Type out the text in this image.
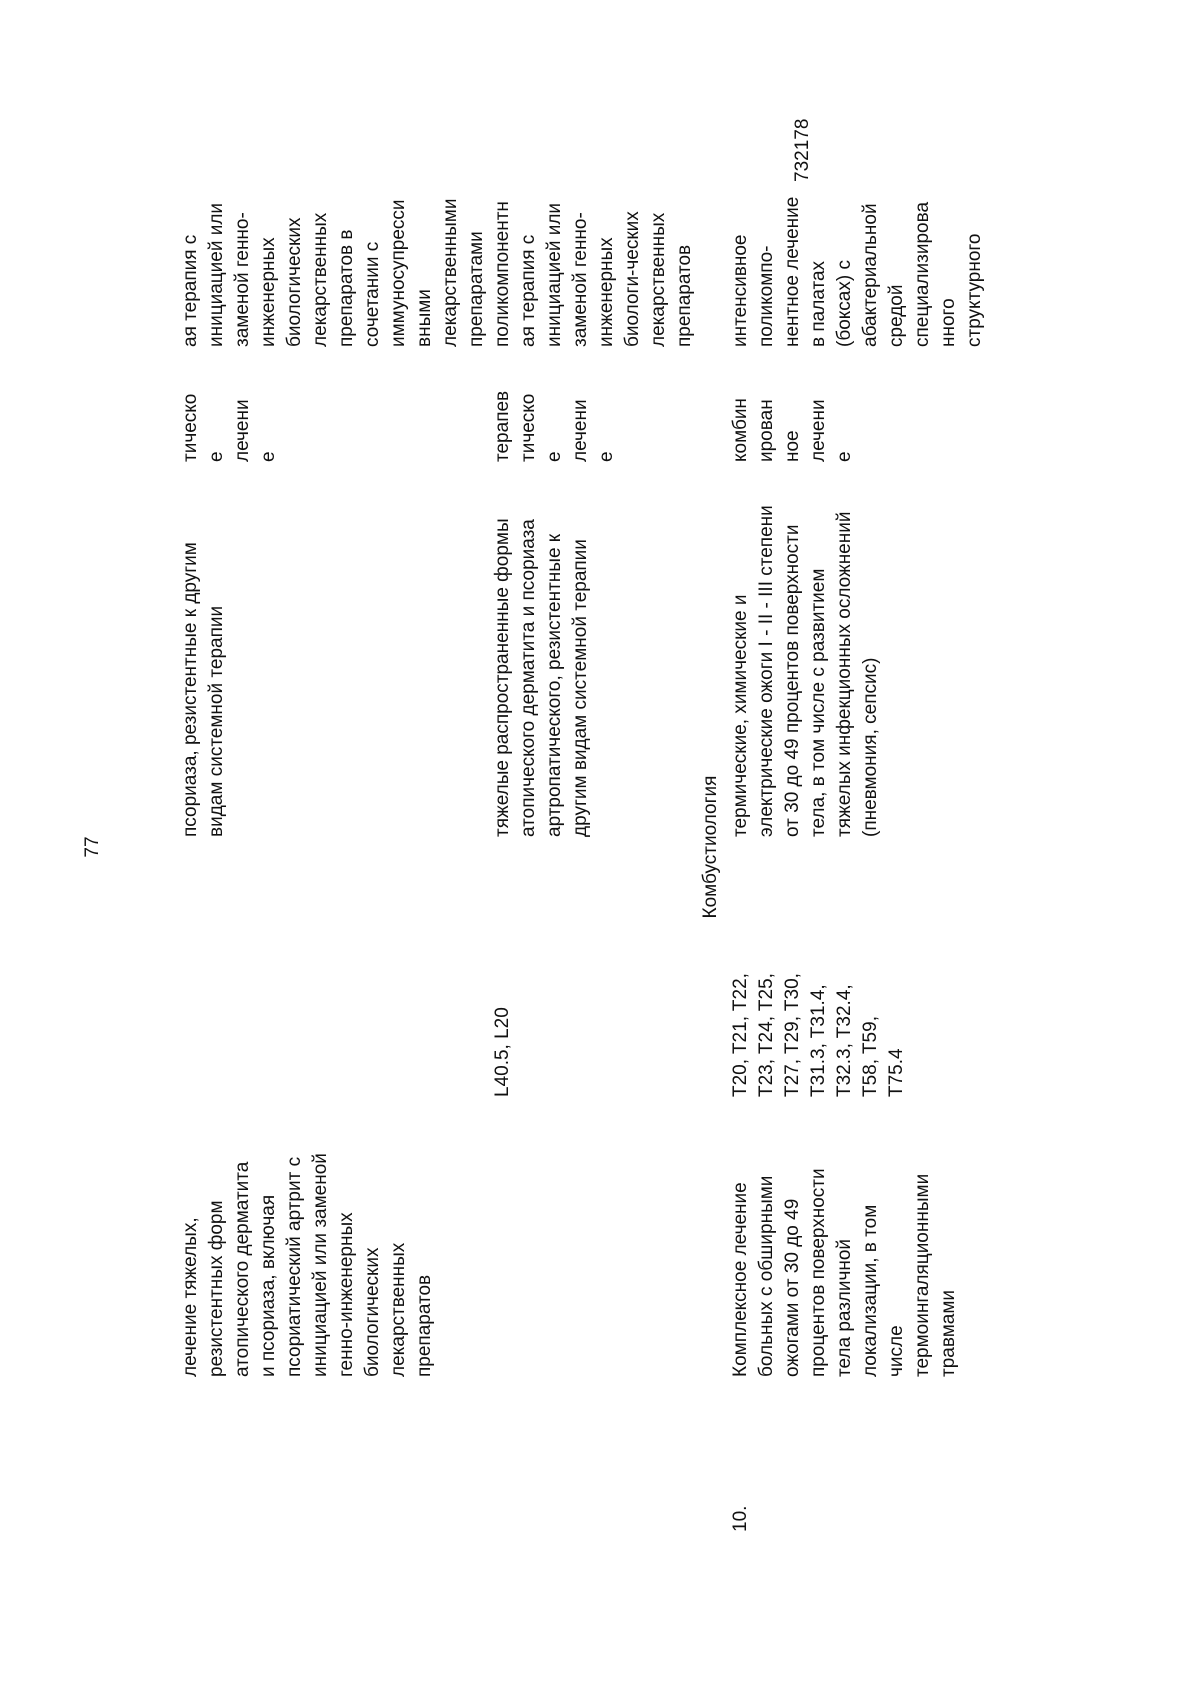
77
732178
лечение тяжелых,
резистентных форм
атопического дерматита
и псориаза, включая
псориатический артрит с
инициацией или заменой
генно-инженерных
биологических
лекарственных
препаратов
псориаза, резистентные к другим
видам системной терапии
тическо
е
лечени
е
ая терапия с
инициацией или
заменой генно-
инженерных
биологических
лекарственных
препаратов в
сочетании с
иммуносупресси
вными
лекарственными
препаратами
L40.5, L20
тяжелые распространенные формы
атопического дерматита и псориаза
артропатического, резистентные к
другим видам системной терапии
терапев
тическо
е
лечени
е
поликомпонентн
ая терапия с
инициацией или
заменой генно-
инженерных
биологи-ческих
лекарственных
препаратов
Комбустиология
10.
Комплексное лечение
больных с обширными
ожогами от 30 до 49
процентов поверхности
тела различной
локализации, в том
числе
термоингаляционными
травмами
T20, T21, T22,
T23, T24, T25,
T27, T29, T30,
T31.3, T31.4,
T32.3, T32.4,
T58, T59,
T75.4
термические, химические и
электрические ожоги I - II - III степени
от 30 до 49 процентов поверхности
тела, в том числе с развитием
тяжелых инфекционных осложнений
(пневмония, сепсис)
комбин
ирован
ное
лечени
е
интенсивное
поликомпо-
нентное лечение
в палатах
(боксах) с
абактериальной
средой
специализирова
нного
структурного
